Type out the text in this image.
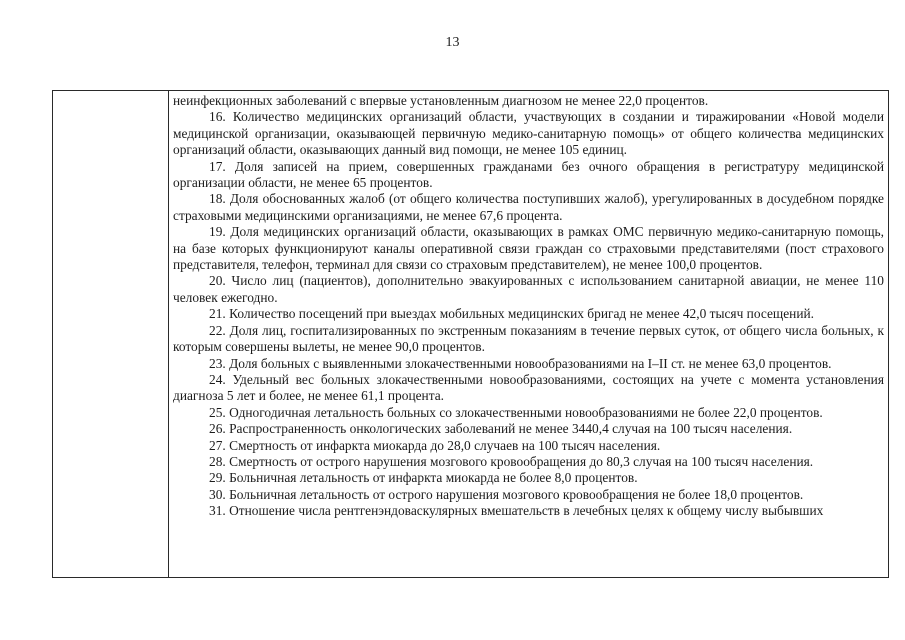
13

неинфекционных заболеваний с впервые установленным диагнозом не менее 22,0 процентов.

16. Количество медицинских организаций области, участвующих в создании и тиражировании «Новой модели медицинской организации, оказывающей первичную медико-санитарную помощь» от общего количества медицинских организаций области, оказывающих данный вид помощи, не менее 105 единиц.

17. Доля записей на прием, совершенных гражданами без очного обращения в регистратуру медицинской организации области, не менее 65 процентов.

18. Доля обоснованных жалоб (от общего количества поступивших жалоб), урегулированных в досудебном порядке страховыми медицинскими организациями, не менее 67,6 процента.

19. Доля медицинских организаций области, оказывающих в рамках ОМС первичную медико-санитарную помощь, на базе которых функционируют каналы оперативной связи граждан со страховыми представителями (пост страхового представителя, телефон, терминал для связи со страховым представителем), не менее 100,0 процентов.

20. Число лиц (пациентов), дополнительно эвакуированных с использованием санитарной авиации, не менее 110 человек ежегодно.

21. Количество посещений при выездах мобильных медицинских бригад не менее 42,0 тысяч посещений.

22. Доля лиц, госпитализированных по экстренным показаниям в течение первых суток, от общего числа больных, к которым совершены вылеты, не менее 90,0 процентов.

23. Доля больных с выявленными злокачественными новообразованиями на I–II ст. не менее 63,0 процентов.

24. Удельный вес больных злокачественными новообразованиями, состоящих на учете с момента установления диагноза 5 лет и более, не менее 61,1 процента.

25. Одногодичная летальность больных со злокачественными новообразованиями не более 22,0 процентов.

26. Распространенность онкологических заболеваний не менее 3440,4 случая на 100 тысяч населения.

27. Смертность от инфаркта миокарда до 28,0 случаев на 100 тысяч населения.

28. Смертность от острого нарушения мозгового кровообращения до 80,3 случая на 100 тысяч населения.

29. Больничная летальность от инфаркта миокарда не более 8,0 процентов.

30. Больничная летальность от острого нарушения мозгового кровообращения не более 18,0 процентов.

31. Отношение числа рентгенэндоваскулярных вмешательств в лечебных целях к общему числу выбывших
